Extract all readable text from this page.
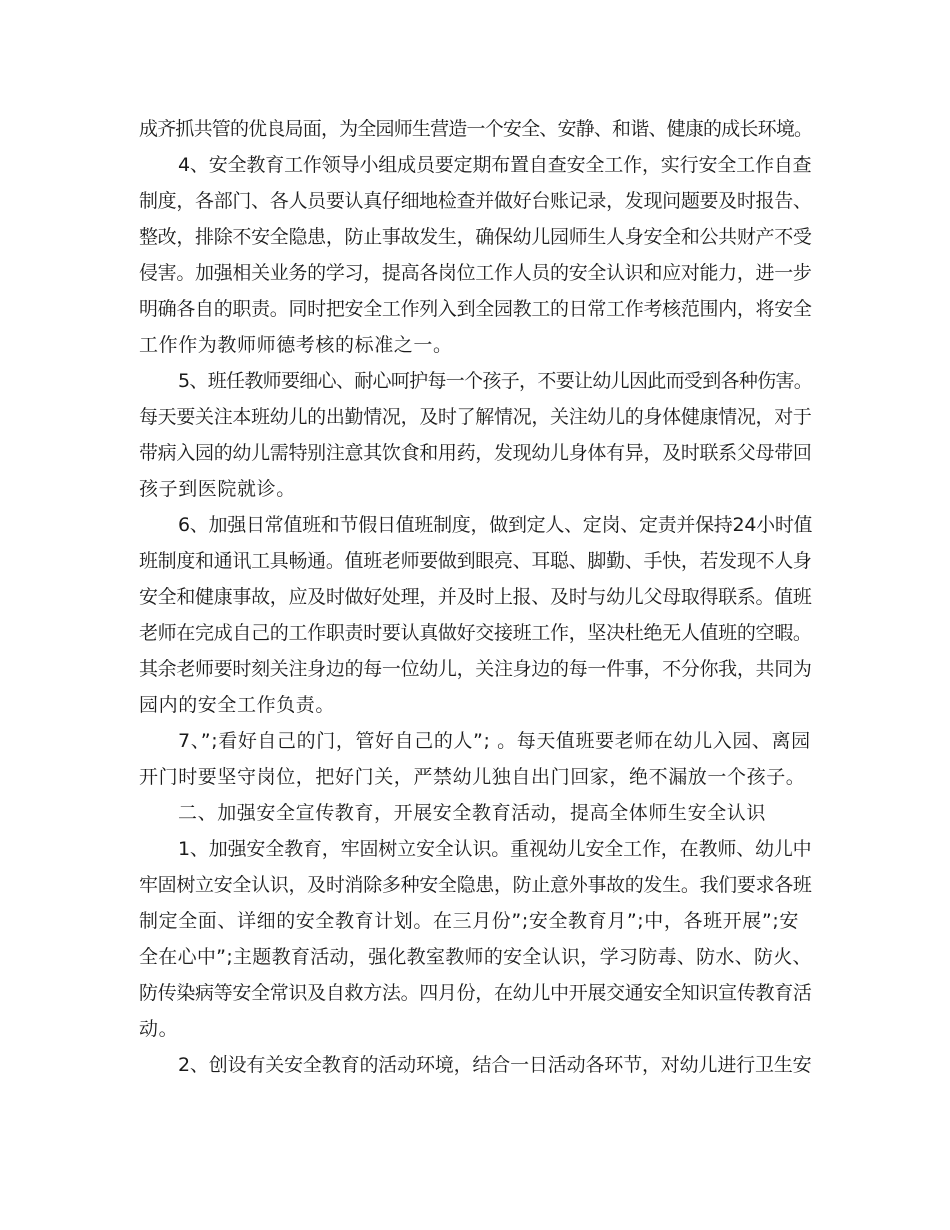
成齐抓共管的优良局面，为全园师生营造一个安全、安静、和谐、健康的成长环境。
4、安全教育工作领导小组成员要定期布置自查安全工作，实行安全工作自查
制度，各部门、各人员要认真仔细地检查并做好台账记录，发现问题要及时报告、
整改，排除不安全隐患，防止事故发生，确保幼儿园师生人身安全和公共财产不受
侵害。加强相关业务的学习，提高各岗位工作人员的安全认识和应对能力，进一步
明确各自的职责。同时把安全工作列入到全园教工的日常工作考核范围内，将安全
工作作为教师师德考核的标准之一。
5、班任教师要细心、耐心呵护每一个孩子，不要让幼儿因此而受到各种伤害。
每天要关注本班幼儿的出勤情况，及时了解情况，关注幼儿的身体健康情况，对于
带病入园的幼儿需特别注意其饮食和用药，发现幼儿身体有异，及时联系父母带回
孩子到医院就诊。
6、加强日常值班和节假日值班制度，做到定人、定岗、定责并保持24小时值
班制度和通讯工具畅通。值班老师要做到眼亮、耳聪、脚勤、手快，若发现不人身
安全和健康事故，应及时做好处理，并及时上报、及时与幼儿父母取得联系。值班
老师在完成自己的工作职责时要认真做好交接班工作，坚决杜绝无人值班的空暇。
其余老师要时刻关注身边的每一位幼儿，关注身边的每一件事，不分你我，共同为
园内的安全工作负责。
7、”;看好自己的门，管好自己的人”; 。每天值班要老师在幼儿入园、离园
开门时要坚守岗位，把好门关，严禁幼儿独自出门回家，绝不漏放一个孩子。
二、加强安全宣传教育，开展安全教育活动，提高全体师生安全认识
1、加强安全教育，牢固树立安全认识。重视幼儿安全工作，在教师、幼儿中
牢固树立安全认识，及时消除多种安全隐患，防止意外事故的发生。我们要求各班
制定全面、详细的安全教育计划。在三月份”;安全教育月”;中，各班开展”;安
全在心中”;主题教育活动，强化教室教师的安全认识，学习防毒、防水、防火、
防传染病等安全常识及自救方法。四月份，在幼儿中开展交通安全知识宣传教育活
动。
2、创设有关安全教育的活动环境，结合一日活动各环节，对幼儿进行卫生安
